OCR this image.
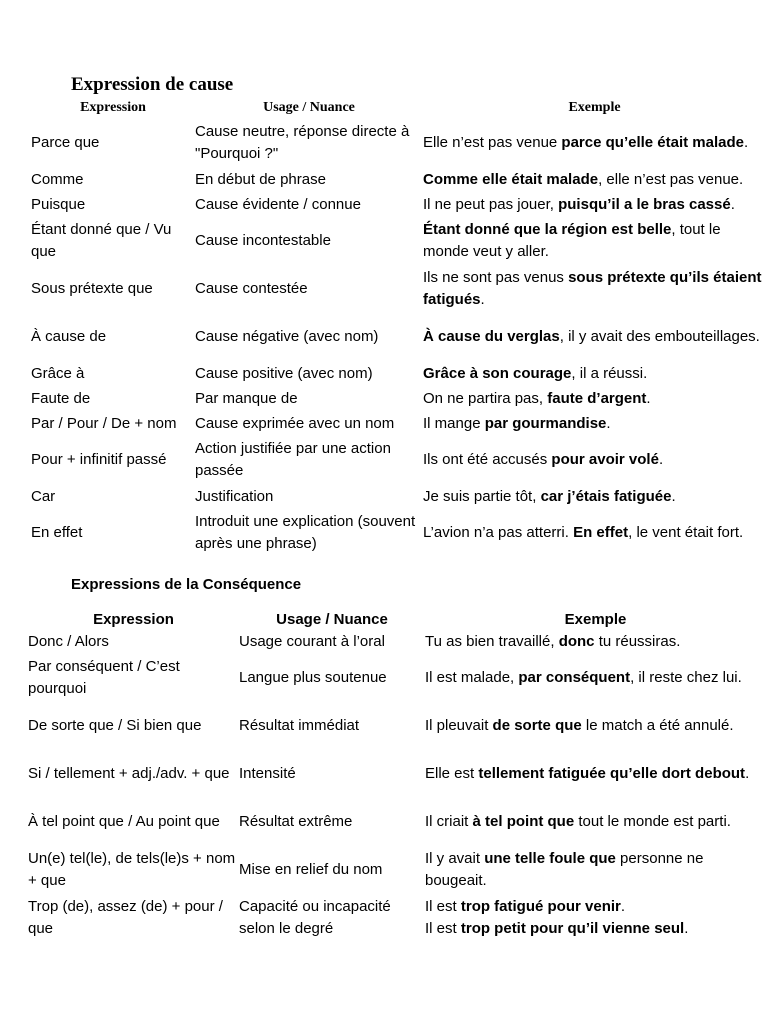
Expression de cause
Expression	Usage / Nuance	Exemple
Parce que	Cause neutre, réponse directe à "Pourquoi ?"	Elle n’est pas venue parce qu’elle était malade.
Comme	En début de phrase	Comme elle était malade, elle n’est pas venue.
Puisque	Cause évidente / connue	Il ne peut pas jouer, puisqu’il a le bras cassé.
Étant donné que / Vu que	Cause incontestable	Étant donné que la région est belle, tout le monde veut y aller.
Sous prétexte que	Cause contestée	Ils ne sont pas venus sous prétexte qu’ils étaient fatigués.
À cause de	Cause négative (avec nom)	À cause du verglas, il y avait des embouteillages.
Grâce à	Cause positive (avec nom)	Grâce à son courage, il a réussi.
Faute de	Par manque de	On ne partira pas, faute d’argent.
Par / Pour / De + nom	Cause exprimée avec un nom	Il mange par gourmandise.
Pour + infinitif passé	Action justifiée par une action passée	Ils ont été accusés pour avoir volé.
Car	Justification	Je suis partie tôt, car j’étais fatiguée.
En effet	Introduit une explication (souvent après une phrase)	L’avion n’a pas atterri. En effet, le vent était fort.
Expressions de la Conséquence
Expression	Usage / Nuance	Exemple
Donc / Alors	Usage courant à l’oral	Tu as bien travaillé, donc tu réussiras.
Par conséquent / C’est pourquoi	Langue plus soutenue	Il est malade, par conséquent, il reste chez lui.
De sorte que / Si bien que	Résultat immédiat	Il pleuvait de sorte que le match a été annulé.
Si / tellement + adj./adv. + que	Intensité	Elle est tellement fatiguée qu’elle dort debout.
À tel point que / Au point que	Résultat extrême	Il criait à tel point que tout le monde est parti.
Un(e) tel(le), de tels(le)s + nom + que	Mise en relief du nom	Il y avait une telle foule que personne ne bougeait.
Trop (de), assez (de) + pour / que	Capacité ou incapacité selon le degré	Il est trop fatigué pour venir.
Il est trop petit pour qu’il vienne seul.
